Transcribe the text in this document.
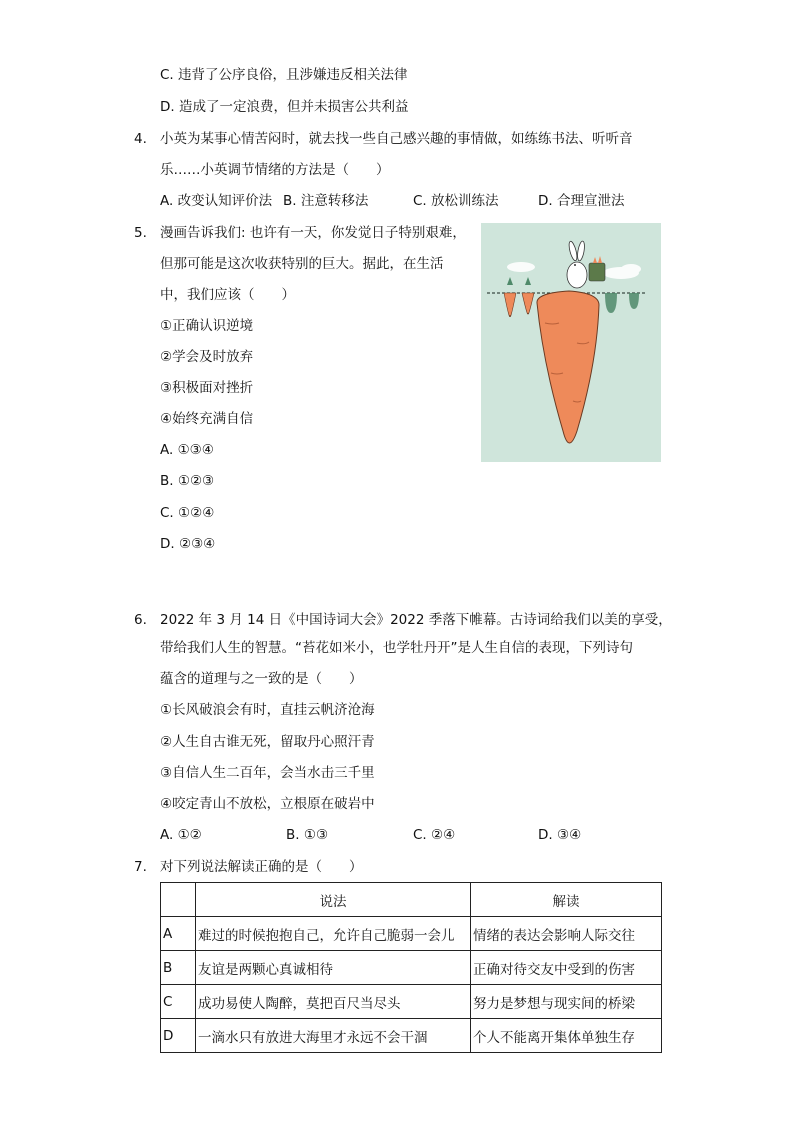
C. 违背了公序良俗，且涉嫌违反相关法律
D. 造成了一定浪费，但并未损害公共利益
4. 小英为某事心情苦闷时，就去找一些自己感兴趣的事情做，如练练书法、听听音
乐……小英调节情绪的方法是（　　）
A. 改变认知评价法 B. 注意转移法	C. 放松训练法	D. 合理宣泄法
5. 漫画告诉我们: 也许有一天，你发觉日子特别艰难，
但那可能是这次收获特别的巨大。据此，在生活
中，我们应该（　　）
①正确认识逆境
②学会及时放弃
③积极面对挫折
④始终充满自信
A. ①③④
B. ①②③
C. ①②④
D. ②③④
6. 2022 年 3 月 14 日《中国诗词大会》2022 季落下帷幕。古诗词给我们以美的享受，
带给我们人生的智慧。“苔花如米小，也学牡丹开”是人生自信的表现，下列诗句
蕴含的道理与之一致的是（　　）
①长风破浪会有时，直挂云帆济沧海
②人生自古谁无死，留取丹心照汗青
③自信人生二百年，会当水击三千里
④咬定青山不放松，立根原在破岩中
A. ①②	B. ①③	C. ②④	D. ③④
7. 对下列说法解读正确的是（　　）
	说法	解读
A	难过的时候抱抱自己，允许自己脆弱一会儿	情绪的表达会影响人际交往
B	友谊是两颗心真诚相待	正确对待交友中受到的伤害
C	成功易使人陶醉，莫把百尺当尽头	努力是梦想与现实间的桥梁
D	一滴水只有放进大海里才永远不会干涸	个人不能离开集体单独生存
